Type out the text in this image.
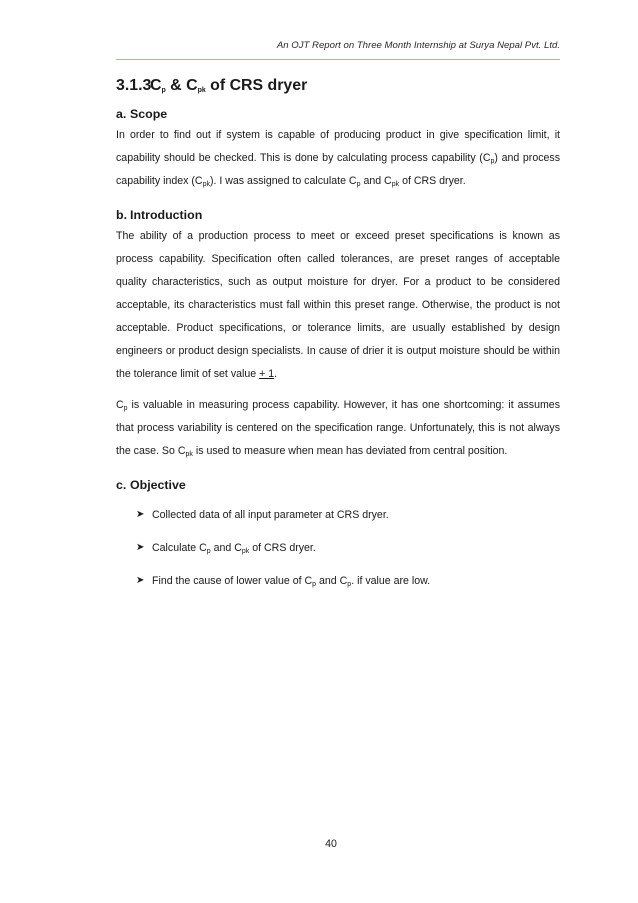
An OJT Report on Three Month Internship at Surya Nepal Pvt. Ltd.
$3.1.3C_p$ & $C_{pk}$ of CRS dryer
a. Scope

In order to find out if system is capable of producing product in give specification limit, it capability should be checked. This is done by calculating process capability $(C_p)$ and process capability index $(C_{pk})$. I was assigned to calculate $C_p$ and $C_{pk}$ of CRS dryer.

b. Introduction

The ability of a production process to meet or exceed preset specifications is known as process capability. Specification often called tolerances, are preset ranges of acceptable quality characteristics, such as output moisture for dryer. For a product to be considered acceptable, its characteristics must fall within this preset range. Otherwise, the product is not acceptable. Product specifications, or tolerance limits, are usually established by design engineers or product design specialists. In cause of drier it is output moisture should be within the tolerance limit of set value + 1.

$C_p$ is valuable in measuring process capability. However, it has one shortcoming: it assumes that process variability is centered on the specification range. Unfortunately, this is not always the case. So $C_{pk}$ is used to measure when mean has deviated from central position.

c. Objective
➤ Collected data of all input parameter at CRS dryer.
➤ Calculate $C_p$ and $C_{pk}$ of CRS dryer.
➤ Find the cause of lower value of $C_p$ and $C_p$. if value are low.
40
